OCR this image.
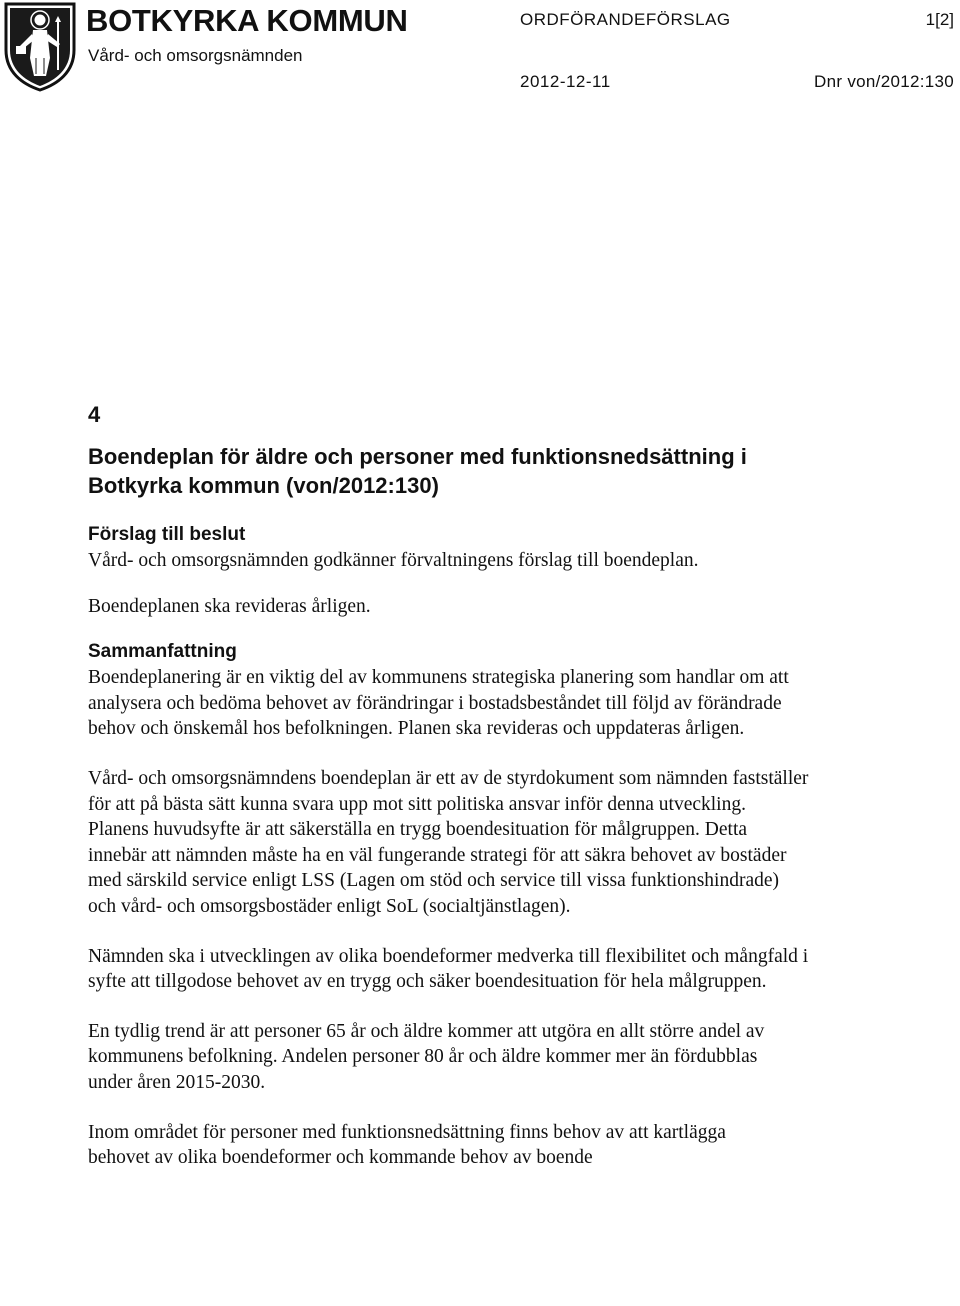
BOTKYRKA KOMMUN
Vård- och omsorgsnämnden
ORDFÖRANDEFÖRSLAG	1[2]
2012-12-11	Dnr von/2012:130
4
Boendeplan för äldre och personer med funktionsnedsättning i Botkyrka kommun (von/2012:130)
Förslag till beslut

Vård- och omsorgsnämnden godkänner förvaltningens förslag till boendeplan.

Boendeplanen ska revideras årligen.

Sammanfattning

Boendeplanering är en viktig del av kommunens strategiska planering som handlar om att analysera och bedöma behovet av förändringar i bostadsbeståndet till följd av förändrade behov och önskemål hos befolkningen. Planen ska revideras och uppdateras årligen.

Vård- och omsorgsnämndens boendeplan är ett av de styrdokument som nämnden fastställer för att på bästa sätt kunna svara upp mot sitt politiska ansvar inför denna utveckling. Planens huvudsyfte är att säkerställa en trygg boendesituation för målgruppen. Detta innebär att nämnden måste ha en väl fungerande strategi för att säkra behovet av bostäder med särskild service enligt LSS (Lagen om stöd och service till vissa funktionshindrade) och vård- och omsorgsbostäder enligt SoL (socialtjänstlagen).

Nämnden ska i utvecklingen av olika boendeformer medverka till flexibilitet och mångfald i syfte att tillgodose behovet av en trygg och säker boendesituation för hela målgruppen.

En tydlig trend är att personer 65 år och äldre kommer att utgöra en allt större andel av kommunens befolkning. Andelen personer 80 år och äldre kommer mer än fördubblas under åren 2015-2030.

Inom området för personer med funktionsnedsättning finns behov av att kartlägga behovet av olika boendeformer och kommande behov av boende
